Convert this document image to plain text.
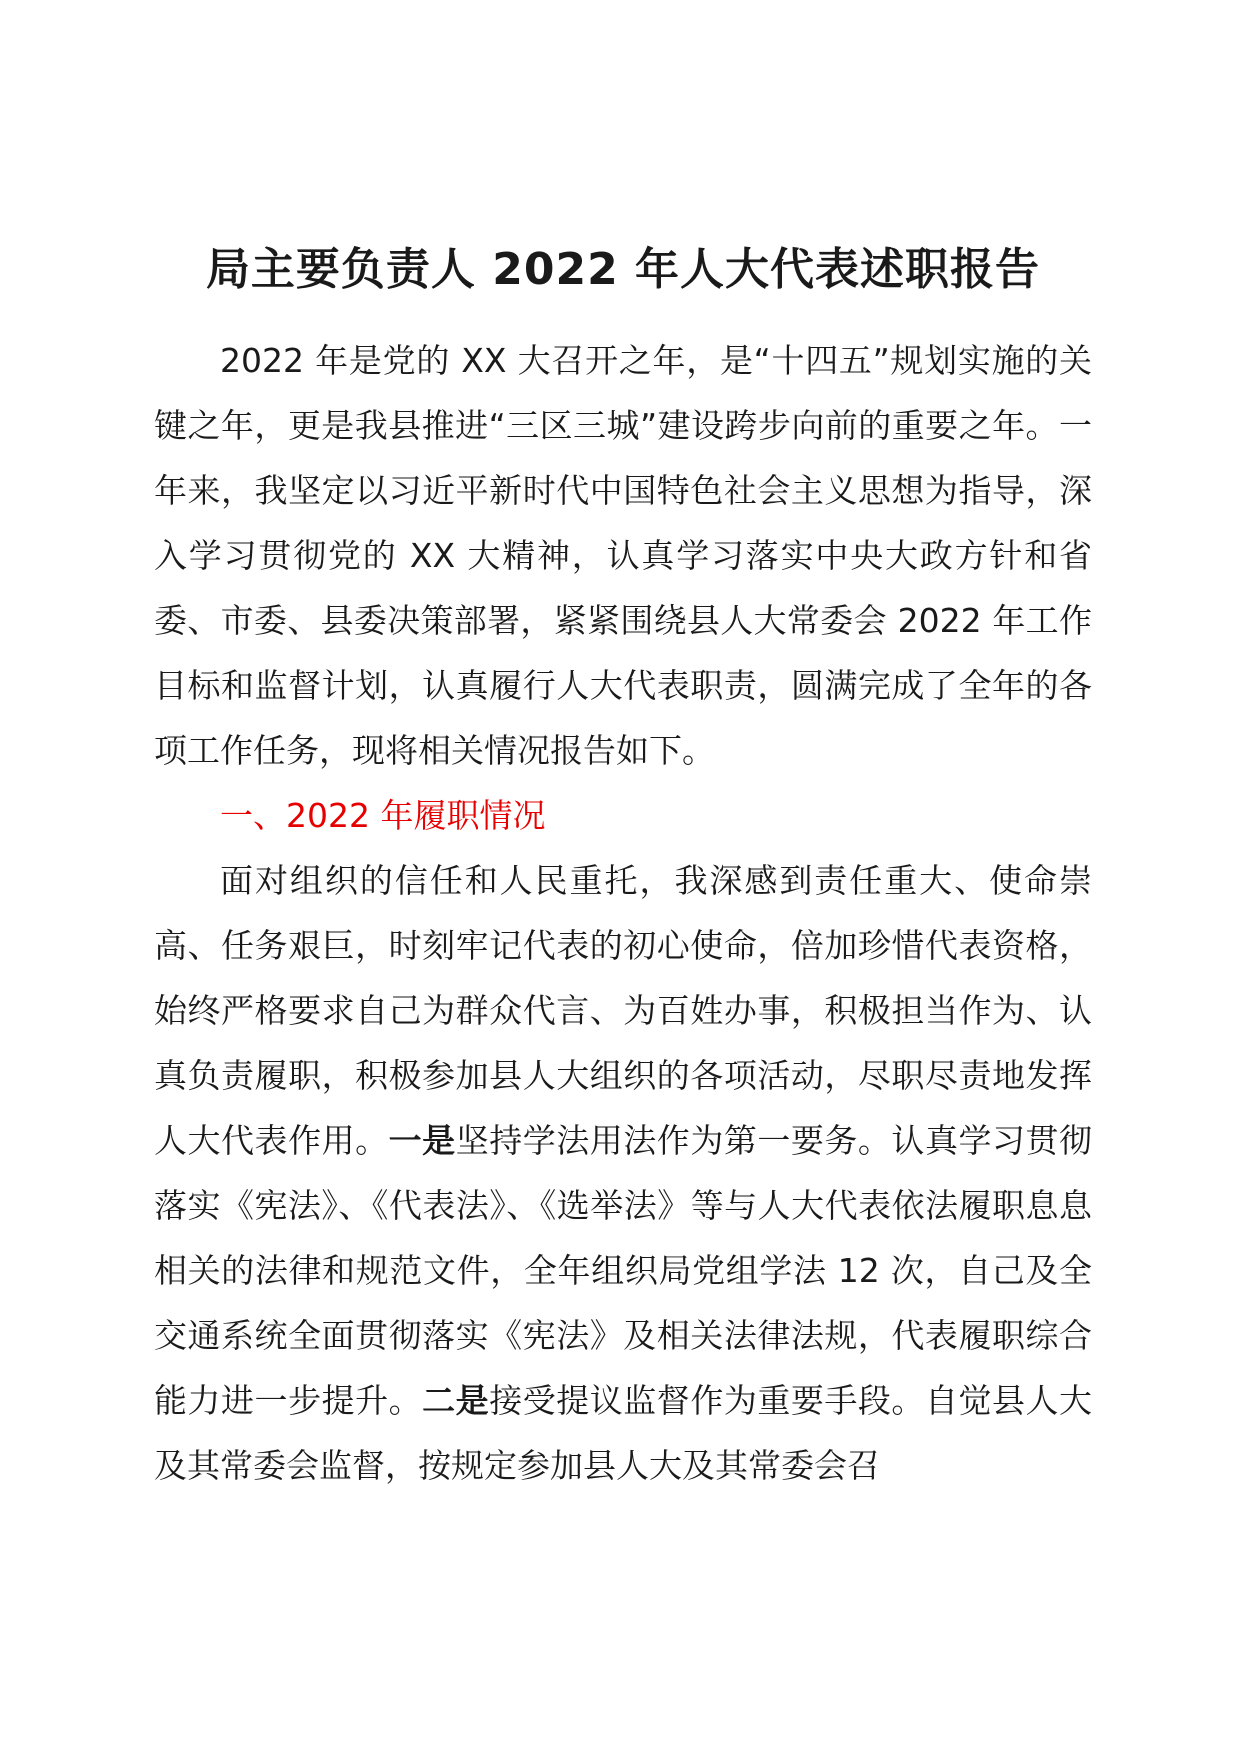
局主要负责人 2022 年人大代表述职报告

2022 年是党的 XX 大召开之年，是“十四五”规划实施的关键之年，更是我县推进“三区三城”建设跨步向前的重要之年。一年来，我坚定以习近平新时代中国特色社会主义思想为指导，深入学习贯彻党的 XX 大精神，认真学习落实中央大政方针和省委、市委、县委决策部署，紧紧围绕县人大常委会 2022 年工作目标和监督计划，认真履行人大代表职责，圆满完成了全年的各项工作任务，现将相关情况报告如下。

一、2022 年履职情况

面对组织的信任和人民重托，我深感到责任重大、使命崇高、任务艰巨，时刻牢记代表的初心使命，倍加珍惜代表资格，始终严格要求自己为群众代言、为百姓办事，积极担当作为、认真负责履职，积极参加县人大组织的各项活动，尽职尽责地发挥人大代表作用。一是坚持学法用法作为第一要务。认真学习贯彻落实《宪法》、《代表法》、《选举法》等与人大代表依法履职息息相关的法律和规范文件，全年组织局党组学法 12 次，自己及全交通系统全面贯彻落实《宪法》及相关法律法规，代表履职综合能力进一步提升。二是接受提议监督作为重要手段。自觉县人大及其常委会监督，按规定参加县人大及其常委会召
